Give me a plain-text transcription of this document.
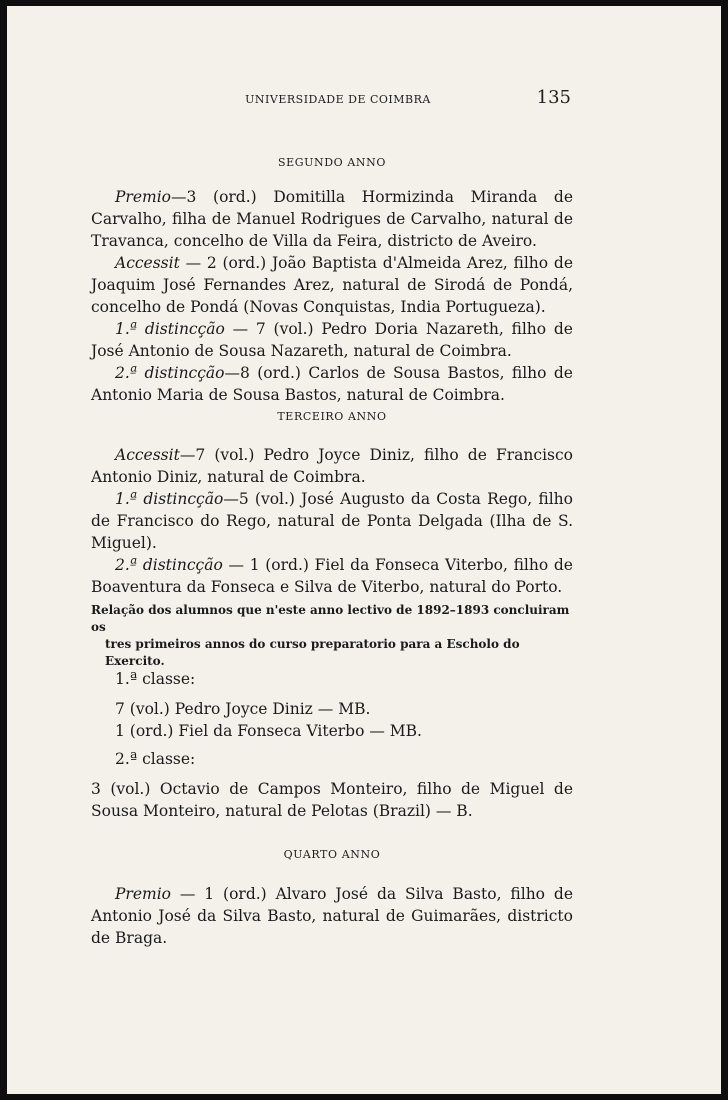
UNIVERSIDADE DE COIMBRA	135
SEGUNDO ANNO

Premio—3 (ord.) Domitilla Hormizinda Miranda de Carvalho, filha de Manuel Rodrigues de Carvalho, natural de Travanca, concelho de Villa da Feira, districto de Aveiro.

Accessit — 2 (ord.) João Baptista d'Almeida Arez, filho de Joaquim José Fernandes Arez, natural de Sirodá de Pondá, concelho de Pondá (Novas Conquistas, India Portugueza).

1.ª distincção — 7 (vol.) Pedro Doria Nazareth, filho de José Antonio de Sousa Nazareth, natural de Coimbra.

2.ª distincção—8 (ord.) Carlos de Sousa Bastos, filho de Antonio Maria de Sousa Bastos, natural de Coimbra.

TERCEIRO ANNO

Accessit—7 (vol.) Pedro Joyce Diniz, filho de Francisco Antonio Diniz, natural de Coimbra.

1.ª distincção—5 (vol.) José Augusto da Costa Rego, filho de Francisco do Rego, natural de Ponta Delgada (Ilha de S. Miguel).

2.ª distincção — 1 (ord.) Fiel da Fonseca Viterbo, filho de Boaventura da Fonseca e Silva de Viterbo, natural do Porto.

Relação dos alumnos que n'este anno lectivo de 1892–1893 concluiram os

tres primeiros annos do curso preparatorio para a Escholo do Exercito.

1.ª classe:

7 (vol.) Pedro Joyce Diniz — MB.

1 (ord.) Fiel da Fonseca Viterbo — MB.

2.ª classe:

3 (vol.) Octavio de Campos Monteiro, filho de Miguel de Sousa Monteiro, natural de Pelotas (Brazil) — B.

QUARTO ANNO

Premio — 1 (ord.) Alvaro José da Silva Basto, filho de Antonio José da Silva Basto, natural de Guimarães, districto de Braga.
